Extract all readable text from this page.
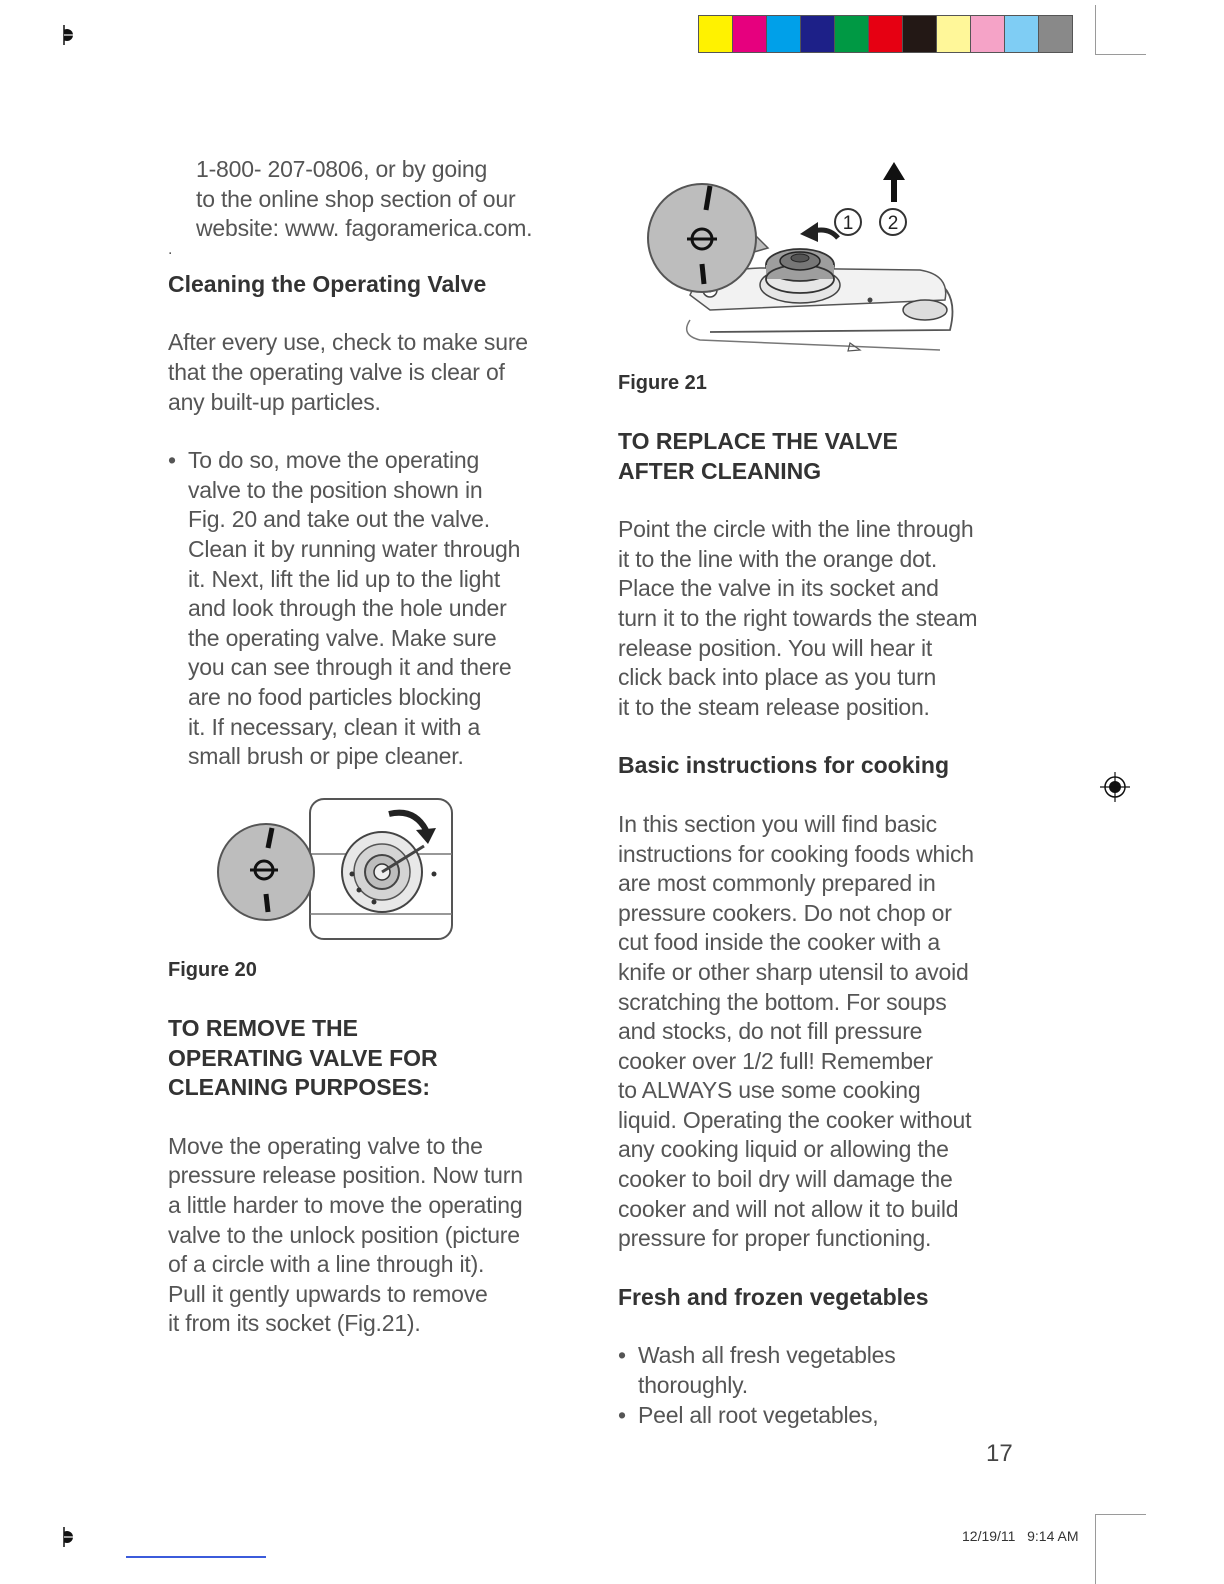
1-800- 207-0806, or by going
to the online shop section of our
website: www. fagoramerica.com.
.
Cleaning the Operating Valve
After every use, check to make sure
that the operating valve is clear of
any built-up particles.
• To do so, move the operating
valve to the position shown in
Fig. 20 and take out the valve.
Clean it by running water through
it. Next, lift the lid up to the light
and look through the hole under
the operating valve. Make sure
you can see through it and there
are no food particles blocking
it. If necessary, clean it with a
small brush or pipe cleaner.
Figure 20
TO REMOVE THE
OPERATING VALVE FOR
CLEANING PURPOSES:
Move the operating valve to the
pressure release position. Now turn
a little harder to move the operating
valve to the unlock position (picture
of a circle with a line through it).
Pull it gently upwards to remove
it from its socket (Fig.21).
1 2
Figure 21
TO REPLACE THE VALVE
AFTER CLEANING
Point the circle with the line through
it to the line with the orange dot.
Place the valve in its socket and
turn it to the right towards the steam
release position. You will hear it
click back into place as you turn
it to the steam release position.
Basic instructions for cooking
In this section you will find basic
instructions for cooking foods which
are most commonly prepared in
pressure cookers. Do not chop or
cut food inside the cooker with a
knife or other sharp utensil to avoid
scratching the bottom. For soups
and stocks, do not fill pressure
cooker over 1/2 full! Remember
to ALWAYS use some cooking
liquid. Operating the cooker without
any cooking liquid or allowing the
cooker to boil dry will damage the
cooker and will not allow it to build
pressure for proper functioning.
Fresh and frozen vegetables
• Wash all fresh vegetables
thoroughly.
• Peel all root vegetables,
17
12/19/11   9:14 AM
